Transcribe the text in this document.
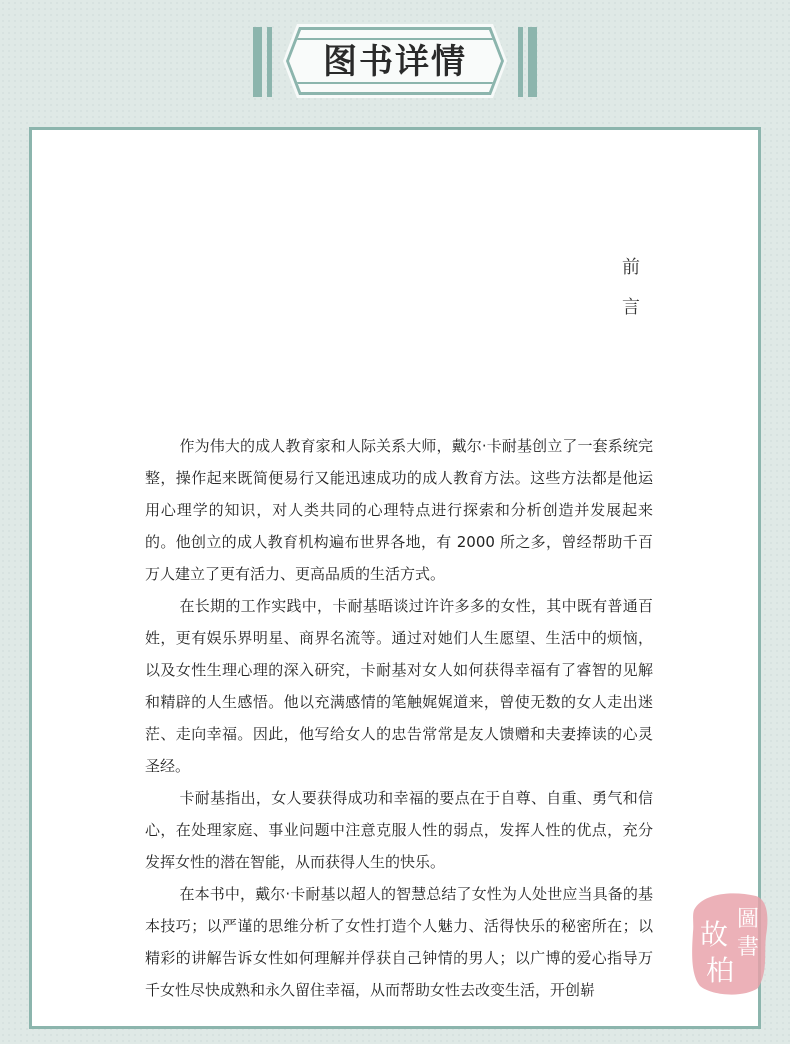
图书详情
前言

作为伟大的成人教育家和人际关系大师，戴尔·卡耐基创立了一套系统完整，操作起来既简便易行又能迅速成功的成人教育方法。这些方法都是他运用心理学的知识，对人类共同的心理特点进行探索和分析创造并发展起来的。他创立的成人教育机构遍布世界各地，有 2000 所之多，曾经帮助千百万人建立了更有活力、更高品质的生活方式。

在长期的工作实践中，卡耐基晤谈过许许多多的女性，其中既有普通百姓，更有娱乐界明星、商界名流等。通过对她们人生愿望、生活中的烦恼，以及女性生理心理的深入研究，卡耐基对女人如何获得幸福有了睿智的见解和精辟的人生感悟。他以充满感情的笔触娓娓道来，曾使无数的女人走出迷茫、走向幸福。因此，他写给女人的忠告常常是友人馈赠和夫妻捧读的心灵圣经。

卡耐基指出，女人要获得成功和幸福的要点在于自尊、自重、勇气和信心，在处理家庭、事业问题中注意克服人性的弱点，发挥人性的优点，充分发挥女性的潜在智能，从而获得人生的快乐。

在本书中，戴尔·卡耐基以超人的智慧总结了女性为人处世应当具备的基本技巧；以严谨的思维分析了女性打造个人魅力、活得快乐的秘密所在；以精彩的讲解告诉女性如何理解并俘获自己钟情的男人；以广博的爱心指导万千女性尽快成熟和永久留住幸福，从而帮助女性去改变生活，开创崭

圖
書
故
柏
